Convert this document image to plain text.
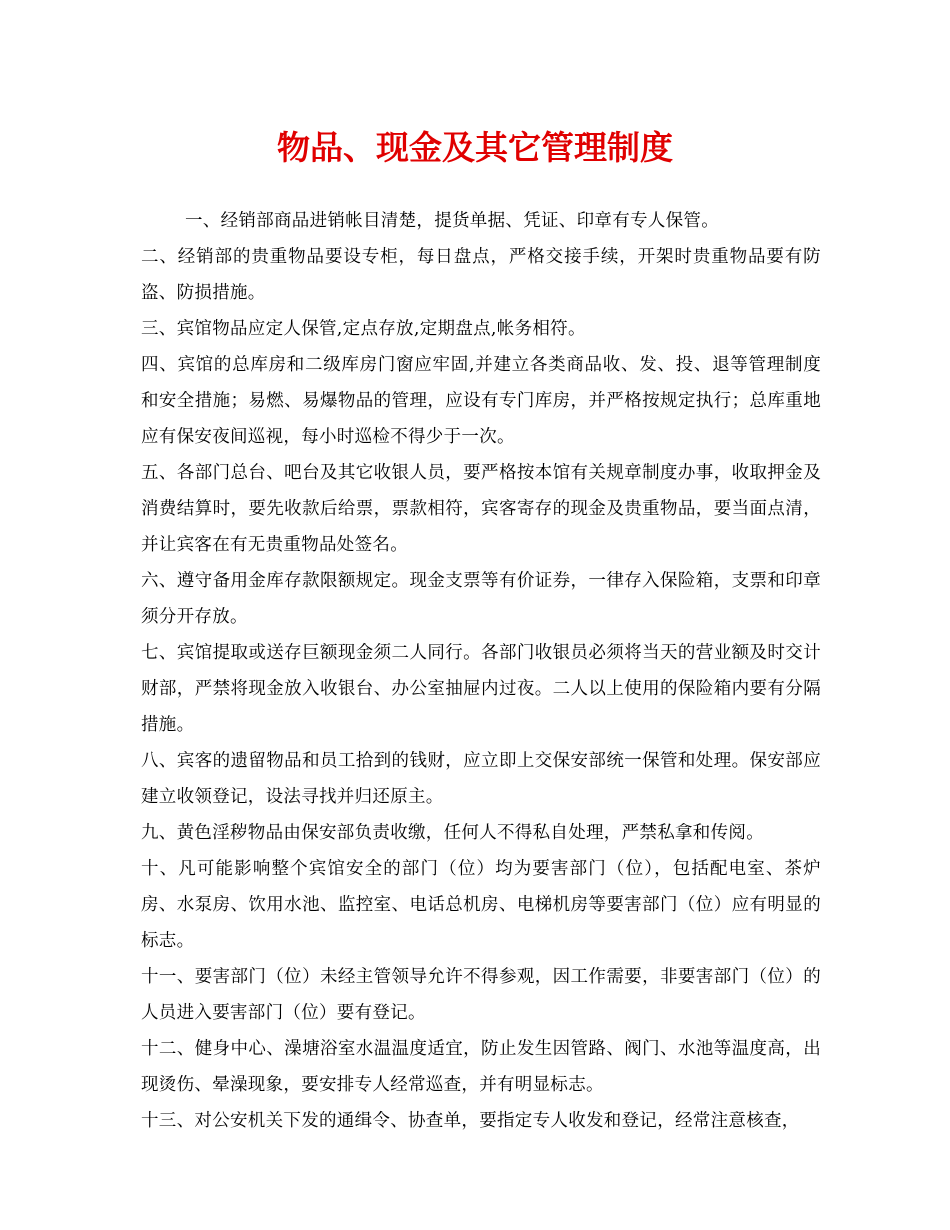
物品、现金及其它管理制度

一、经销部商品进销帐目清楚，提货单据、凭证、印章有专人保管。

二、经销部的贵重物品要设专柜，每日盘点，严格交接手续，开架时贵重物品要有防盗、防损措施。

三、宾馆物品应定人保管,定点存放,定期盘点,帐务相符。

四、宾馆的总库房和二级库房门窗应牢固,并建立各类商品收、发、投、退等管理制度和安全措施；易燃、易爆物品的管理，应设有专门库房，并严格按规定执行；总库重地应有保安夜间巡视，每小时巡检不得少于一次。

五、各部门总台、吧台及其它收银人员，要严格按本馆有关规章制度办事，收取押金及消费结算时，要先收款后给票，票款相符，宾客寄存的现金及贵重物品，要当面点清，并让宾客在有无贵重物品处签名。

六、遵守备用金库存款限额规定。现金支票等有价证券，一律存入保险箱，支票和印章须分开存放。

七、宾馆提取或送存巨额现金须二人同行。各部门收银员必须将当天的营业额及时交计财部，严禁将现金放入收银台、办公室抽屉内过夜。二人以上使用的保险箱内要有分隔措施。

八、宾客的遗留物品和员工拾到的钱财，应立即上交保安部统一保管和处理。保安部应建立收领登记，设法寻找并归还原主。

九、黄色淫秽物品由保安部负责收缴，任何人不得私自处理，严禁私拿和传阅。

十、凡可能影响整个宾馆安全的部门（位）均为要害部门（位），包括配电室、茶炉房、水泵房、饮用水池、监控室、电话总机房、电梯机房等要害部门（位）应有明显的标志。

十一、要害部门（位）未经主管领导允许不得参观，因工作需要，非要害部门（位）的人员进入要害部门（位）要有登记。

十二、健身中心、澡塘浴室水温温度适宜，防止发生因管路、阀门、水池等温度高，出现烫伤、晕澡现象，要安排专人经常巡查，并有明显标志。

十三、对公安机关下发的通缉令、协查单，要指定专人收发和登记，经常注意核查，
